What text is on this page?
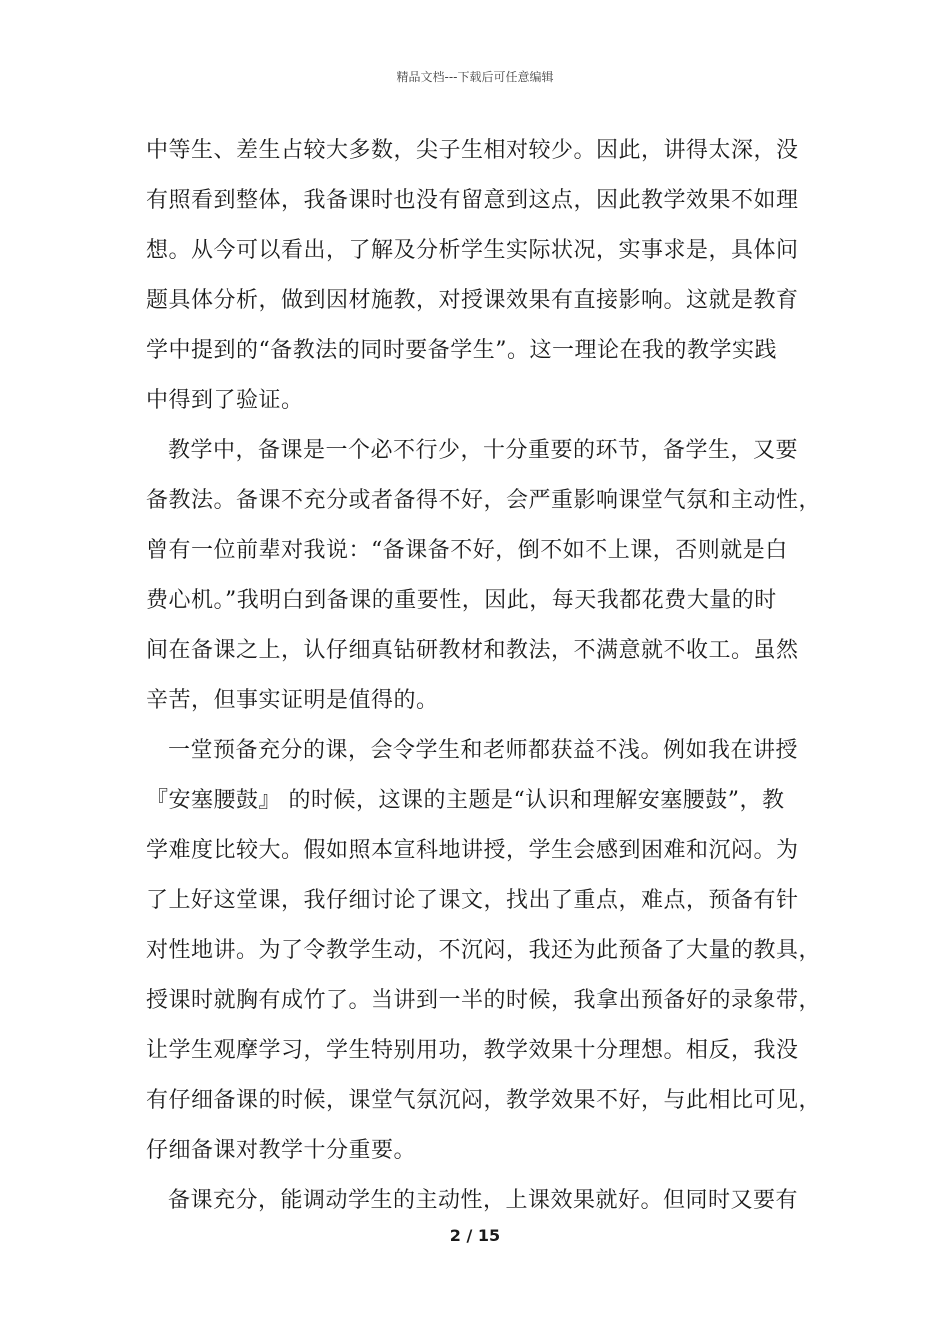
精品文档---下载后可任意编辑
中等生、差生占较大多数，尖子生相对较少。因此，讲得太深，没
有照看到整体，我备课时也没有留意到这点，因此教学效果不如理
想。从今可以看出，了解及分析学生实际状况，实事求是，具体问
题具体分析，做到因材施教，对授课效果有直接影响。这就是教育
学中提到的“备教法的同时要备学生”。这一理论在我的教学实践
中得到了验证。
教学中，备课是一个必不行少，十分重要的环节，备学生，又要
备教法。备课不充分或者备得不好，会严重影响课堂气氛和主动性，
曾有一位前辈对我说：“备课备不好，倒不如不上课，否则就是白
费心机。”我明白到备课的重要性，因此，每天我都花费大量的时
间在备课之上，认仔细真钻研教材和教法，不满意就不收工。虽然
辛苦，但事实证明是值得的。
一堂预备充分的课，会令学生和老师都获益不浅。例如我在讲授
『安塞腰鼓』 的时候，这课的主题是“认识和理解安塞腰鼓”，教
学难度比较大。假如照本宣科地讲授，学生会感到困难和沉闷。为
了上好这堂课，我仔细讨论了课文，找出了重点，难点，预备有针
对性地讲。为了令教学生动，不沉闷，我还为此预备了大量的教具，
授课时就胸有成竹了。当讲到一半的时候，我拿出预备好的录象带，
让学生观摩学习，学生特别用功，教学效果十分理想。相反，我没
有仔细备课的时候，课堂气氛沉闷，教学效果不好，与此相比可见，
仔细备课对教学十分重要。
备课充分，能调动学生的主动性，上课效果就好。但同时又要有
2 / 15
